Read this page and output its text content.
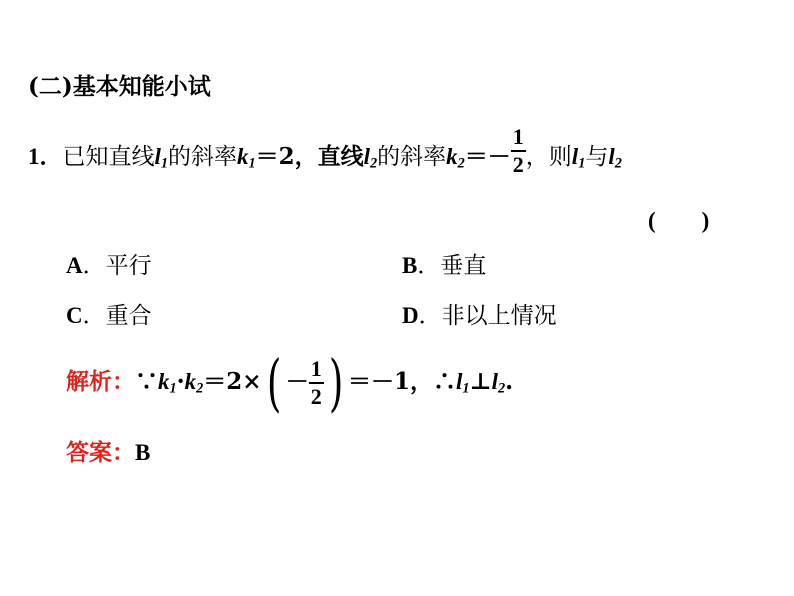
(二)基本知能小试
1．已知直线$l_1$的斜率$k_1=2$，直线$l_2$的斜率$k_2=- \frac{1}{2}$ ，则$l_1$与$l_2$
(　　)
A．平行	B．垂直
C．重合	D．非以上情况
解析：$\because k_1\cdot k_2=2\times( - \frac{1}{2}$ ) ＝－1，$\therefore l_1\perp l_2$.
答案：B
